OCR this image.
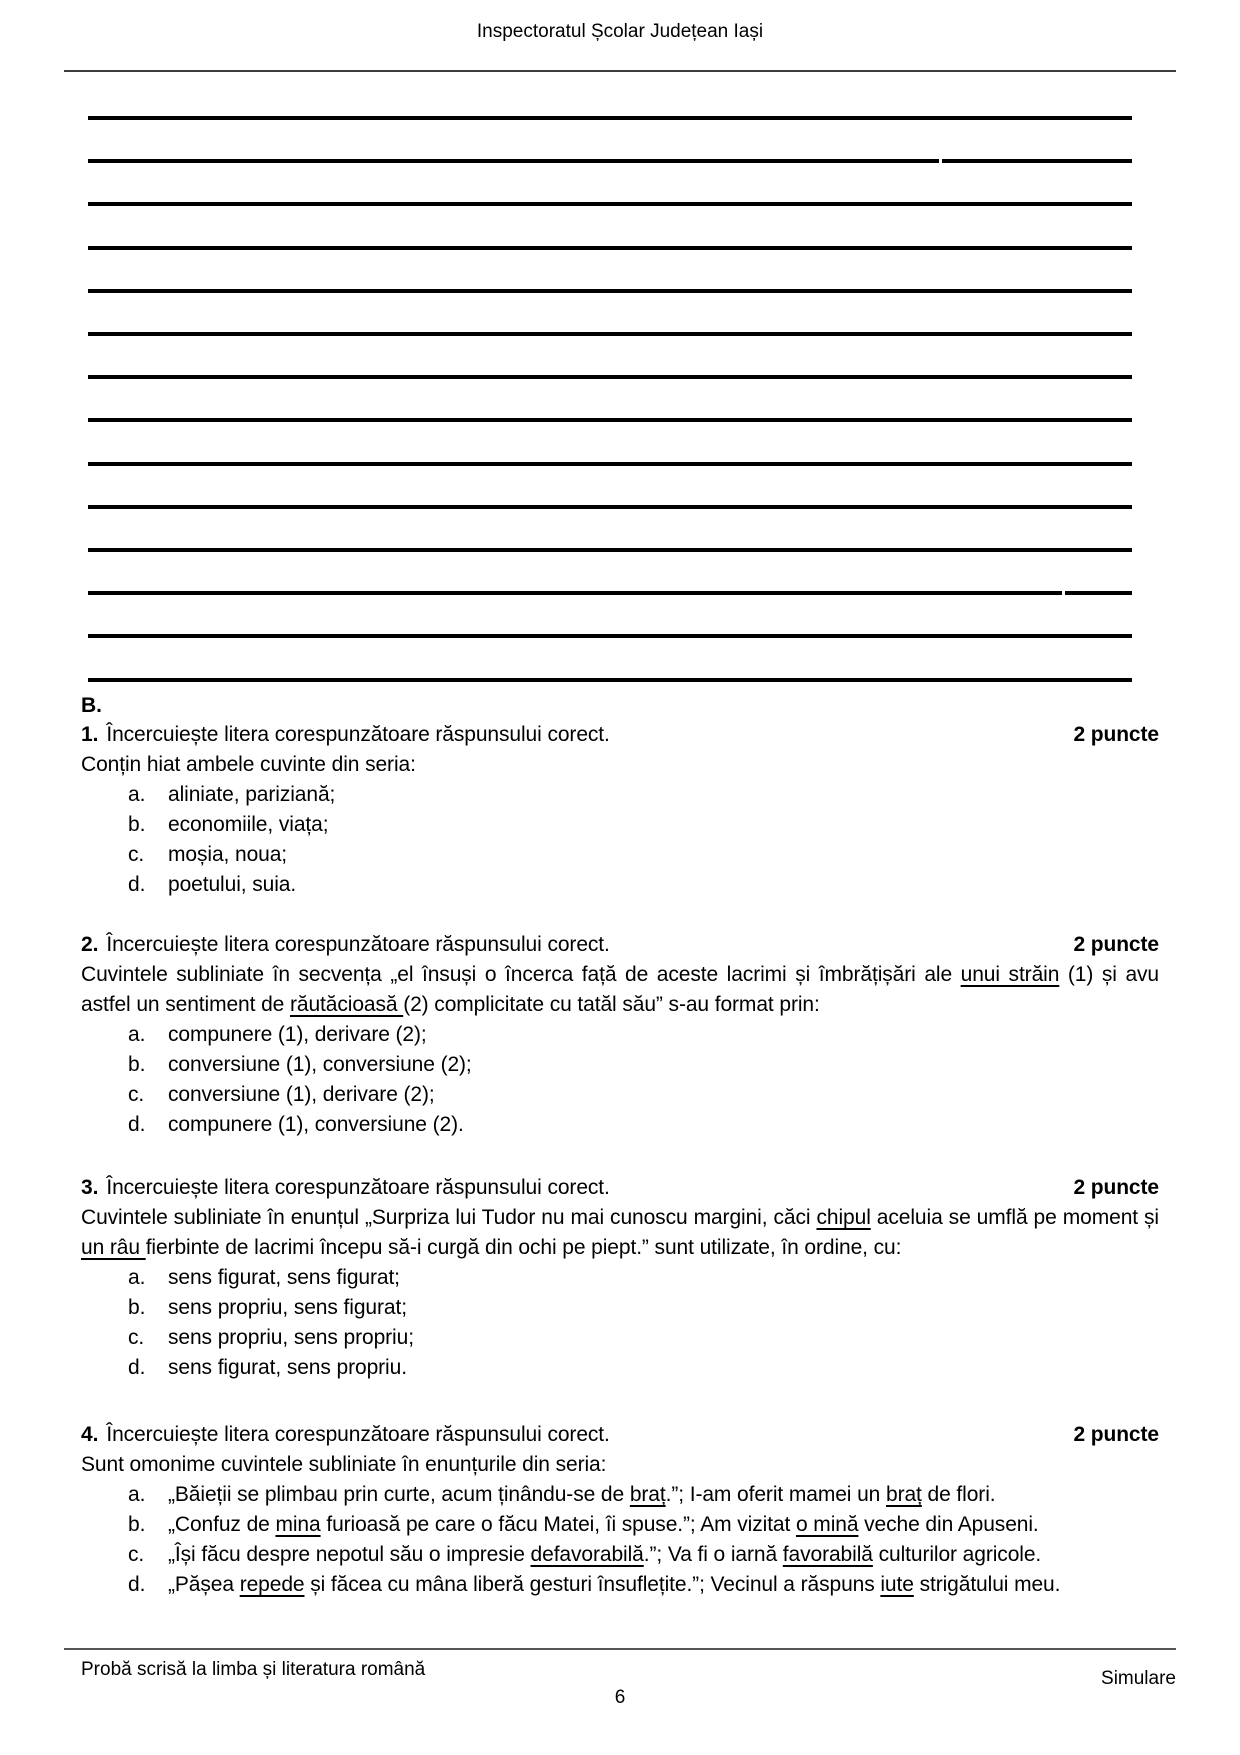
Inspectoratul Școlar Județean Iași
B.
1. Încercuiește litera corespunzătoare răspunsului corect.	2 puncte
Conțin hiat ambele cuvinte din seria:
a.	aliniate, pariziană;
b.	economiile, viața;
c.	moșia, noua;
d.	poetului, suia.
2. Încercuiește litera corespunzătoare răspunsului corect.	2 puncte
Cuvintele subliniate în secvența „el însuși o încerca față de aceste lacrimi și îmbrățișări ale unui străin (1) și avu astfel un sentiment de răutăcioasă (2) complicitate cu tatăl său” s-au format prin:
a.	compunere (1), derivare (2);
b.	conversiune (1), conversiune (2);
c.	conversiune (1), derivare (2);
d.	compunere (1), conversiune (2).
3. Încercuiește litera corespunzătoare răspunsului corect.	2 puncte
Cuvintele subliniate în enunțul „Surpriza lui Tudor nu mai cunoscu margini, căci chipul aceluia se umflă pe moment și un râu fierbinte de lacrimi începu să-i curgă din ochi pe piept.” sunt utilizate, în ordine, cu:
a.	sens figurat, sens figurat;
b.	sens propriu, sens figurat;
c.	sens propriu, sens propriu;
d.	sens figurat, sens propriu.
4. Încercuiește litera corespunzătoare răspunsului corect.	2 puncte
Sunt omonime cuvintele subliniate în enunțurile din seria:
a.	„Băieții se plimbau prin curte, acum ținându-se de braț.”; I-am oferit mamei un braț de flori.
b.	„Confuz de mina furioasă pe care o făcu Matei, îi spuse.”; Am vizitat o mină veche din Apuseni.
c.	„Își făcu despre nepotul său o impresie defavorabilă.”; Va fi o iarnă favorabilă culturilor agricole.
d.	„Pășea repede și făcea cu mâna liberă gesturi însuflețite.”; Vecinul a răspuns iute strigătului meu.
Probă scrisă la limba și literatura română	Simulare
6
